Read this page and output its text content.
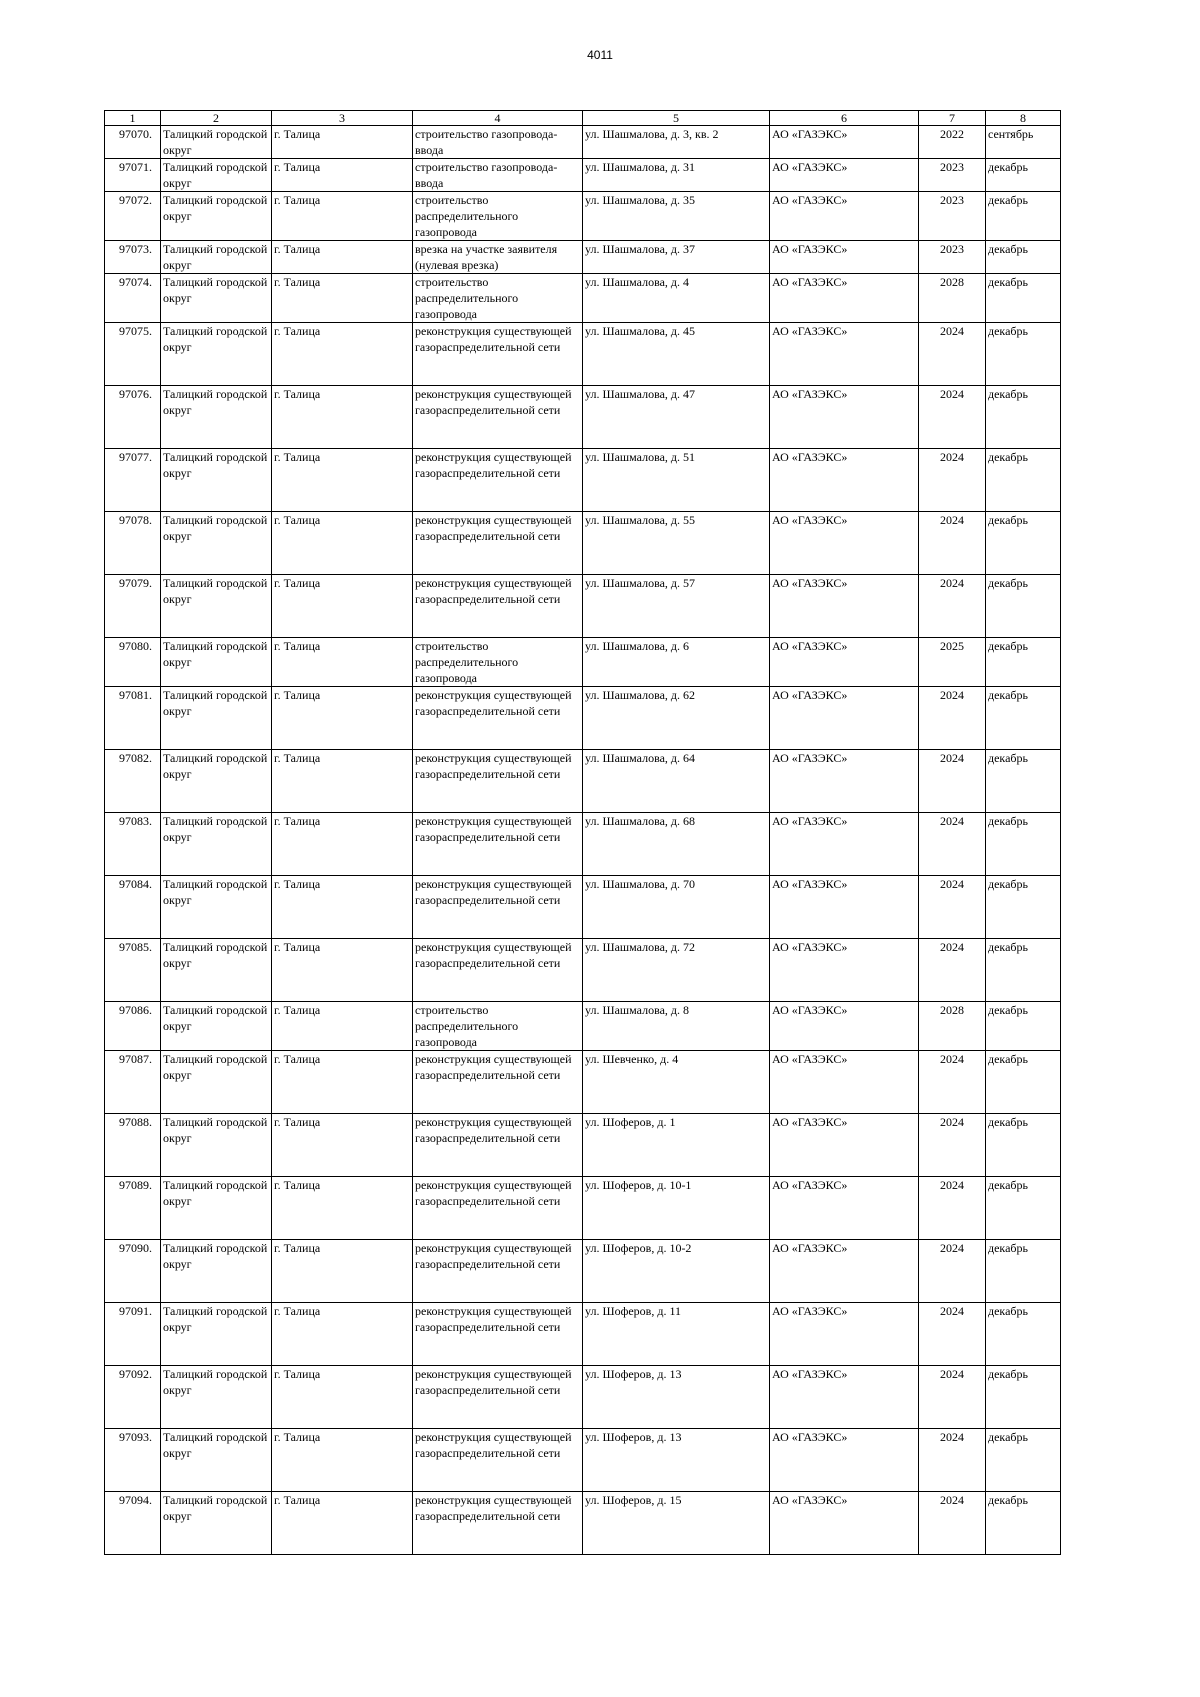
4011
1	2	3	4	5	6	7	8
97070.	Талицкий городской округ	г. Талица	строительство газопровода-ввода	ул. Шашмалова, д. 3, кв. 2	АО «ГАЗЭКС»	2022	сентябрь
97071.	Талицкий городской округ	г. Талица	строительство газопровода-ввода	ул. Шашмалова, д. 31	АО «ГАЗЭКС»	2023	декабрь
97072.	Талицкий городской округ	г. Талица	строительство распределительного газопровода	ул. Шашмалова, д. 35	АО «ГАЗЭКС»	2023	декабрь
97073.	Талицкий городской округ	г. Талица	врезка на участке заявителя (нулевая врезка)	ул. Шашмалова, д. 37	АО «ГАЗЭКС»	2023	декабрь
97074.	Талицкий городской округ	г. Талица	строительство распределительного газопровода	ул. Шашмалова, д. 4	АО «ГАЗЭКС»	2028	декабрь
97075.	Талицкий городской округ	г. Талица	реконструкция существующей газораспределительной сети	ул. Шашмалова, д. 45	АО «ГАЗЭКС»	2024	декабрь
97076.	Талицкий городской округ	г. Талица	реконструкция существующей газораспределительной сети	ул. Шашмалова, д. 47	АО «ГАЗЭКС»	2024	декабрь
97077.	Талицкий городской округ	г. Талица	реконструкция существующей газораспределительной сети	ул. Шашмалова, д. 51	АО «ГАЗЭКС»	2024	декабрь
97078.	Талицкий городской округ	г. Талица	реконструкция существующей газораспределительной сети	ул. Шашмалова, д. 55	АО «ГАЗЭКС»	2024	декабрь
97079.	Талицкий городской округ	г. Талица	реконструкция существующей газораспределительной сети	ул. Шашмалова, д. 57	АО «ГАЗЭКС»	2024	декабрь
97080.	Талицкий городской округ	г. Талица	строительство распределительного газопровода	ул. Шашмалова, д. 6	АО «ГАЗЭКС»	2025	декабрь
97081.	Талицкий городской округ	г. Талица	реконструкция существующей газораспределительной сети	ул. Шашмалова, д. 62	АО «ГАЗЭКС»	2024	декабрь
97082.	Талицкий городской округ	г. Талица	реконструкция существующей газораспределительной сети	ул. Шашмалова, д. 64	АО «ГАЗЭКС»	2024	декабрь
97083.	Талицкий городской округ	г. Талица	реконструкция существующей газораспределительной сети	ул. Шашмалова, д. 68	АО «ГАЗЭКС»	2024	декабрь
97084.	Талицкий городской округ	г. Талица	реконструкция существующей газораспределительной сети	ул. Шашмалова, д. 70	АО «ГАЗЭКС»	2024	декабрь
97085.	Талицкий городской округ	г. Талица	реконструкция существующей газораспределительной сети	ул. Шашмалова, д. 72	АО «ГАЗЭКС»	2024	декабрь
97086.	Талицкий городской округ	г. Талица	строительство распределительного газопровода	ул. Шашмалова, д. 8	АО «ГАЗЭКС»	2028	декабрь
97087.	Талицкий городской округ	г. Талица	реконструкция существующей газораспределительной сети	ул. Шевченко, д. 4	АО «ГАЗЭКС»	2024	декабрь
97088.	Талицкий городской округ	г. Талица	реконструкция существующей газораспределительной сети	ул. Шоферов, д. 1	АО «ГАЗЭКС»	2024	декабрь
97089.	Талицкий городской округ	г. Талица	реконструкция существующей газораспределительной сети	ул. Шоферов, д. 10-1	АО «ГАЗЭКС»	2024	декабрь
97090.	Талицкий городской округ	г. Талица	реконструкция существующей газораспределительной сети	ул. Шоферов, д. 10-2	АО «ГАЗЭКС»	2024	декабрь
97091.	Талицкий городской округ	г. Талица	реконструкция существующей газораспределительной сети	ул. Шоферов, д. 11	АО «ГАЗЭКС»	2024	декабрь
97092.	Талицкий городской округ	г. Талица	реконструкция существующей газораспределительной сети	ул. Шоферов, д. 13	АО «ГАЗЭКС»	2024	декабрь
97093.	Талицкий городской округ	г. Талица	реконструкция существующей газораспределительной сети	ул. Шоферов, д. 13	АО «ГАЗЭКС»	2024	декабрь
97094.	Талицкий городской округ	г. Талица	реконструкция существующей газораспределительной сети	ул. Шоферов, д. 15	АО «ГАЗЭКС»	2024	декабрь
